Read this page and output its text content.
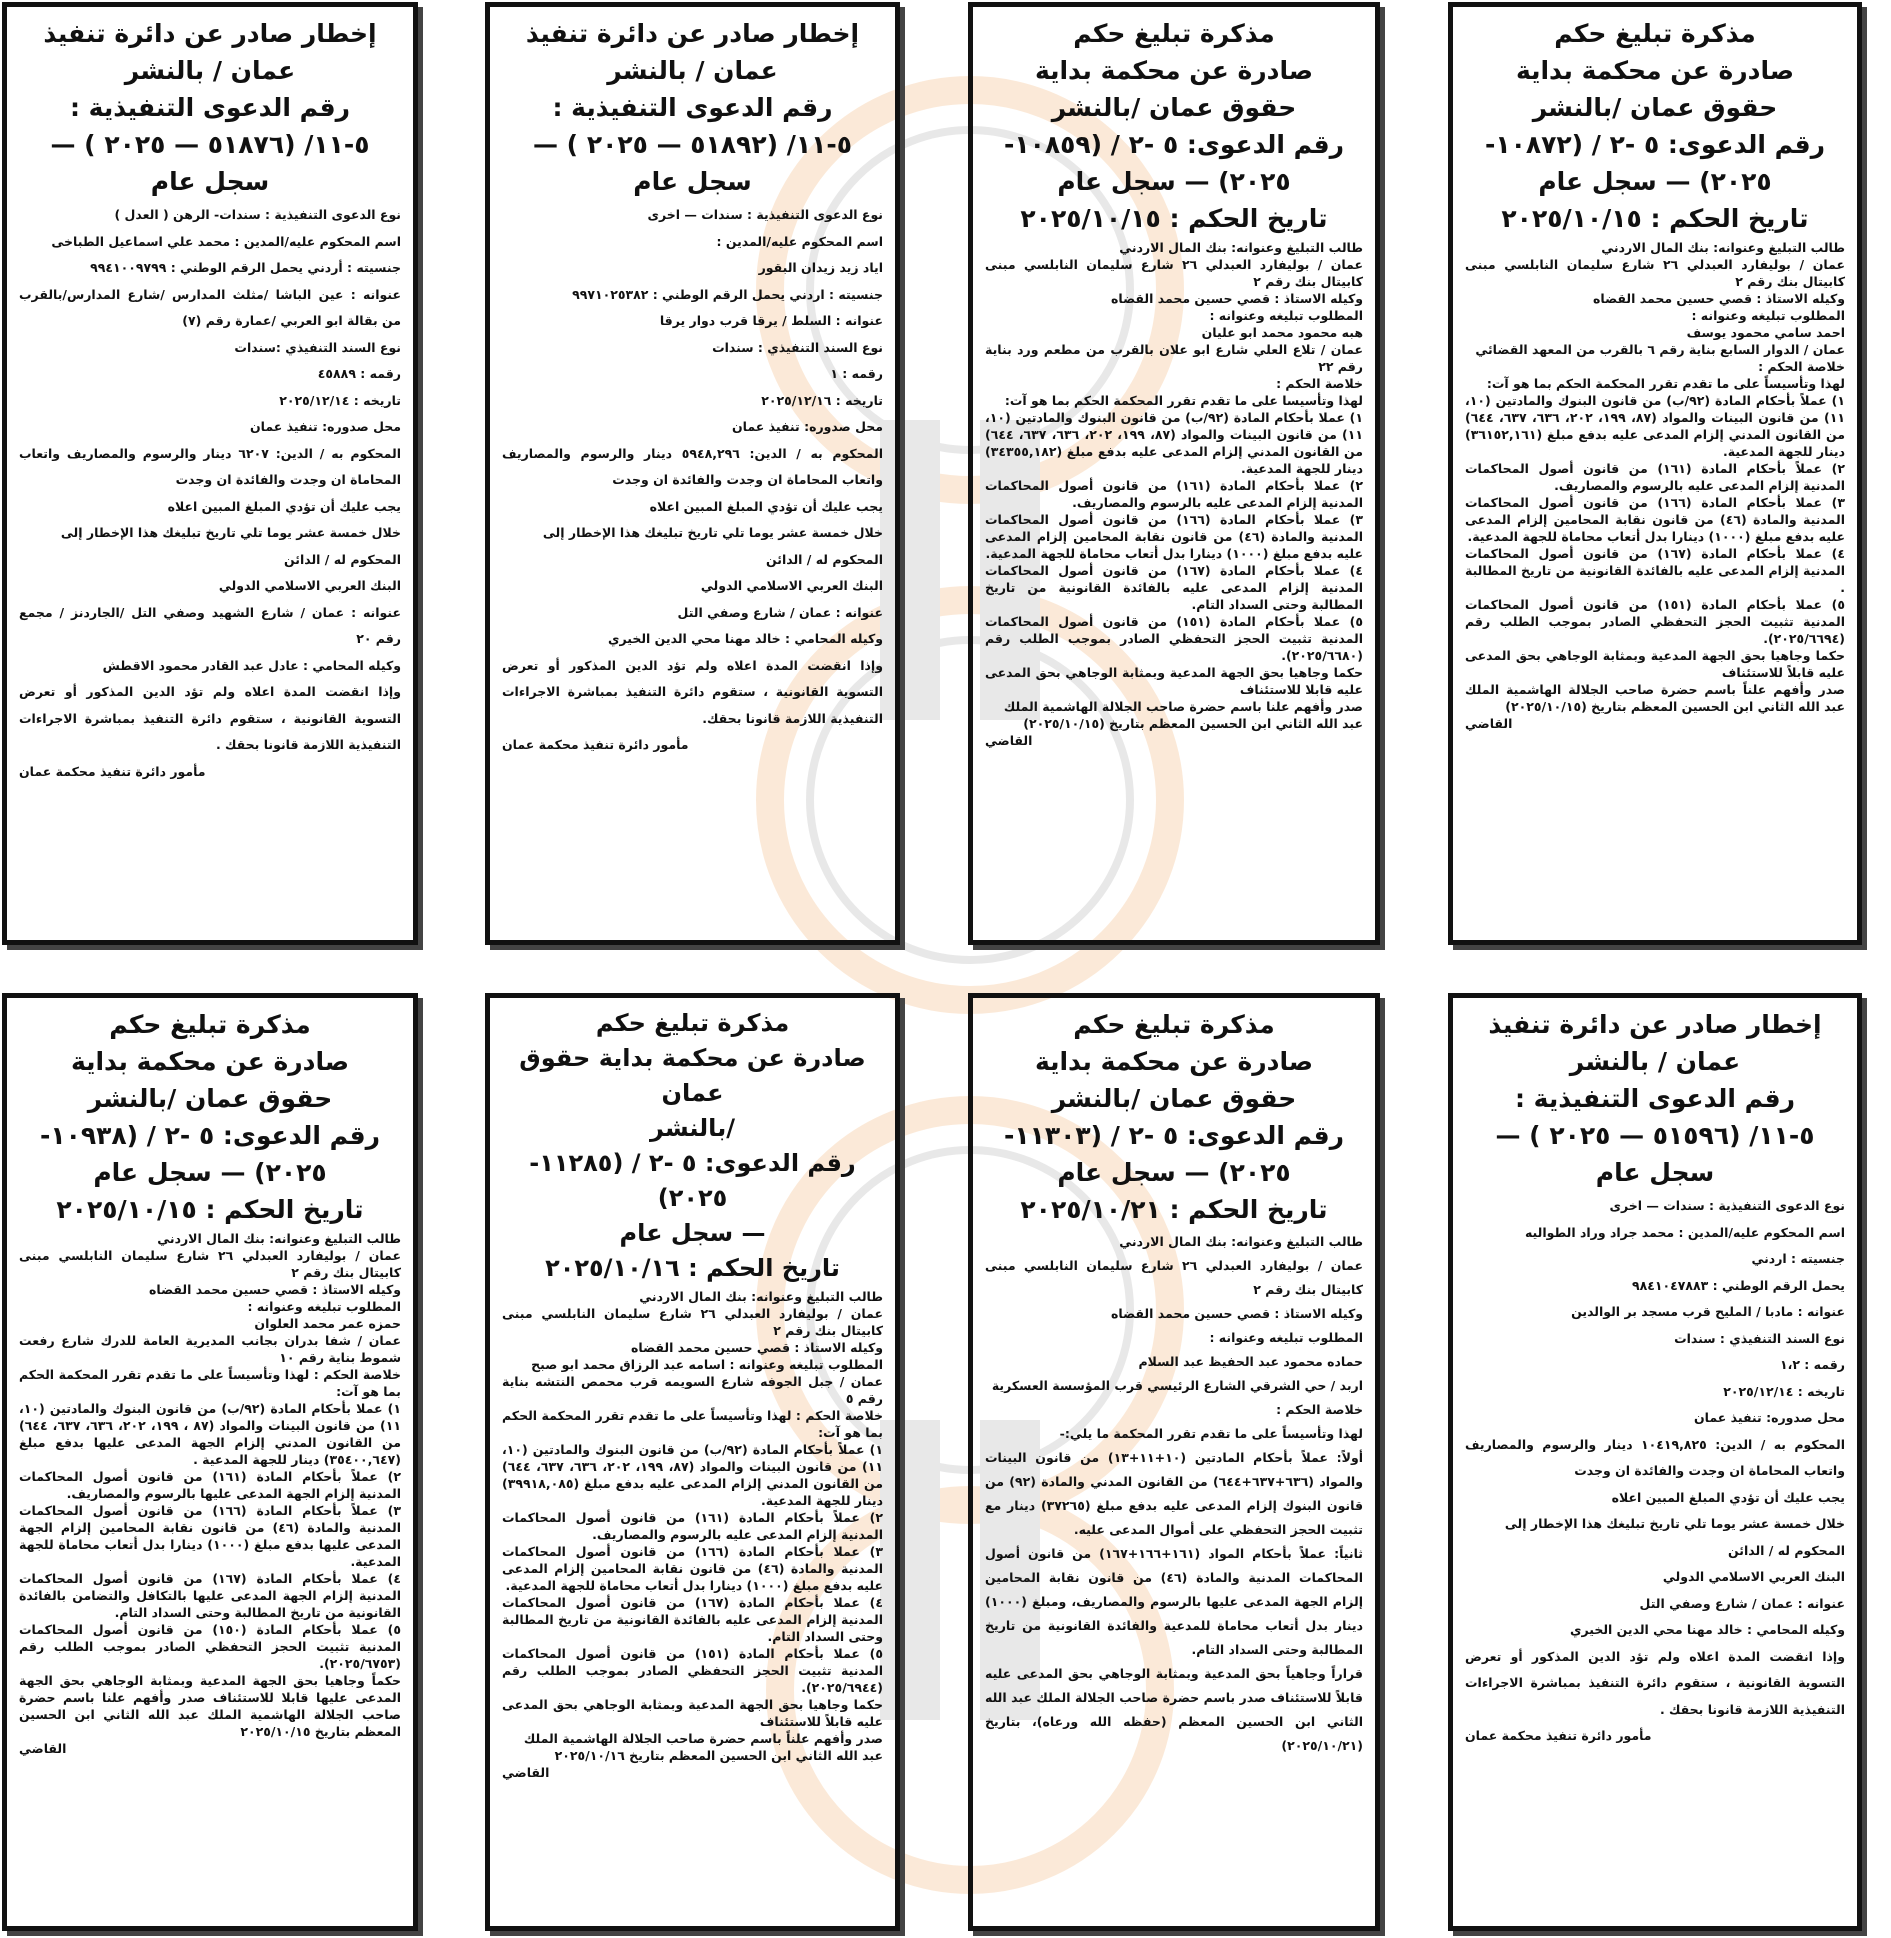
مذكرة تبليغ حكم
صادرة عن محكمة بداية
حقوق عمان /بالنشر
رقم الدعوى: ٥ -٢ / (١٠٨٧٢-
٢٠٢٥) — سجل عام
تاريخ الحكم : ٢٠٢٥/١٠/١٥

طالب التبليغ وعنوانه: بنك المال الاردني

عمان / بوليفارد العبدلي ٢٦ شارع سليمان النابلسي مبنى كابيتال بنك رقم ٢

وكيله الاستاذ : قصي حسين محمد القضاه

المطلوب تبليغه وعنوانه :

احمد سامي محمود يوسف

عمان / الدوار السابع بناية رقم ٦ بالقرب من المعهد القضائي

خلاصة الحكم :

لهذا وتأسيساً على ما تقدم تقرر المحكمة الحكم بما هو آت:

١) عملاً بأحكام المادة (٩٢/ب) من قانون البنوك والمادتين (١٠، ١١) من قانون البينات والمواد (٨٧، ١٩٩، ٢٠٢، ٦٣٦، ٦٣٧، ٦٤٤) من القانون المدني إلزام المدعى عليه بدفع مبلغ (٣٦١٥٢,١٦١) دينار للجهة المدعية.

٢) عملاً بأحكام المادة (١٦١) من قانون أصول المحاكمات المدنية إلزام المدعى عليه بالرسوم والمصاريف.

٣) عملا بأحكام المادة (١٦٦) من قانون أصول المحاكمات المدنية والمادة (٤٦) من قانون نقابة المحامين إلزام المدعى عليه بدفع مبلغ (١٠٠٠) دينارا بدل أتعاب محاماة للجهة المدعية.

٤) عملا بأحكام المادة (١٦٧) من قانون أصول المحاكمات المدنية إلزام المدعى عليه بالفائدة القانونية من تاريخ المطالبة .

٥) عملا بأحكام المادة (١٥١) من قانون أصول المحاكمات المدنية تثبيت الحجز التحفظي الصادر بموجب الطلب رقم (٢٠٢٥/٦٦٩٤).

حكما وجاهيا بحق الجهة المدعية وبمثابة الوجاهي بحق المدعى عليه قابلاً للاستئناف

صدر وأفهم علناً باسم حضرة صاحب الجلالة الهاشمية الملك عبد الله الثاني ابن الحسين المعظم بتاريخ (٢٠٢٥/١٠/١٥)

القاضي

مذكرة تبليغ حكم
صادرة عن محكمة بداية
حقوق عمان /بالنشر
رقم الدعوى: ٥ -٢ / (١٠٨٥٩-
٢٠٢٥) — سجل عام
تاريخ الحكم : ٢٠٢٥/١٠/١٥

طالب التبليغ وعنوانه: بنك المال الاردني

عمان / بوليفارد العبدلي ٢٦ شارع سليمان النابلسي مبنى كابيتال بنك رقم ٢

وكيله الاستاذ : قصي حسين محمد القضاه

المطلوب تبليغه وعنوانه :

هبه محمود محمد ابو عليان

عمان / تلاع العلي شارع ابو علان بالقرب من مطعم ورد بناية رقم ٢٢

خلاصة الحكم :

لهذا وتأسيسا على ما تقدم تقرر المحكمة الحكم بما هو آت:

١) عملا بأحكام المادة (٩٢/ب) من قانون البنوك والمادتين (١٠، ١١) من قانون البينات والمواد (٨٧، ١٩٩، ٢٠٢، ٦٣٦، ٦٣٧، ٦٤٤) من القانون المدني إلزام المدعى عليه بدفع مبلغ (٣٤٣٥٥,١٨٢) دينار للجهة المدعية.

٢) عملا بأحكام المادة (١٦١) من قانون أصول المحاكمات المدنية إلزام المدعى عليه بالرسوم والمصاريف.

٣) عملا بأحكام المادة (١٦٦) من قانون أصول المحاكمات المدنية والمادة (٤٦) من قانون نقابة المحامين إلزام المدعى عليه بدفع مبلغ (١٠٠٠) دينارا بدل أتعاب محاماة للجهة المدعية.

٤) عملا بأحكام المادة (١٦٧) من قانون أصول المحاكمات المدنية إلزام المدعى عليه بالفائدة القانونية من تاريخ المطالبة وحتى السداد التام.

٥) عملا بأحكام المادة (١٥١) من قانون أصول المحاكمات المدنية تثبيت الحجز التحفظي الصادر بموجب الطلب رقم (٢٠٢٥/٦٦٨٠).

حكما وجاهيا بحق الجهة المدعية وبمثابة الوجاهي بحق المدعى عليه قابلا للاستئناف

صدر وأفهم علنا باسم حضرة صاحب الجلالة الهاشمية الملك

عبد الله الثاني ابن الحسين المعظم بتاريخ (٢٠٢٥/١٠/١٥)

القاضي

إخطار صادر عن دائرة تنفيذ
عمان / بالنشر
رقم الدعوى التنفيذية :
٥-١١/ (٥١٨٩٢ — ٢٠٢٥ ) —
سجل عام

نوع الدعوى التنفيذية : سندات — اخرى

اسم المحكوم عليه/المدين :

اياد زيد زيدان البقور

جنسيته : اردني يحمل الرقم الوطني : ٩٩٧١٠٢٥٣٨٢

عنوانه : السلط / يرقا قرب دوار يرقا

نوع السند التنفيذي : سندات

رقمه : ١

تاريخه : ٢٠٢٥/١٢/١٦

محل صدوره: تنفيذ عمان

المحكوم به / الدين: ٥٩٤٨,٢٩٦ دينار والرسوم والمصاريف واتعاب المحاماة ان وجدت والفائدة ان وجدت

يجب عليك أن تؤدي المبلغ المبين اعلاه

خلال خمسة عشر يوما تلي تاريخ تبليغك هذا الإخطار إلى

المحكوم له / الدائن

البنك العربي الاسلامي الدولي

عنوانه : عمان / شارع وصفي التل

وكيله المحامي : خالد مهنا محي الدين الخيري

وإذا انقضت المدة اعلاه ولم تؤد الدين المذكور أو تعرض التسوية القانونية ، ستقوم دائرة التنفيذ بمباشرة الاجراءات التنفيذية اللازمة قانونا بحقك.

مأمور دائرة تنفيذ محكمة عمان

إخطار صادر عن دائرة تنفيذ
عمان / بالنشر
رقم الدعوى التنفيذية :
٥-١١/ (٥١٨٧٦ — ٢٠٢٥ ) —
سجل عام

نوع الدعوى التنفيذية : سندات- الرهن ( العدل )

اسم المحكوم عليه/المدين : محمد علي اسماعيل الطباخى

جنسيته : أردني يحمل الرقم الوطني : ٩٩٤١٠٠٩٧٩٩

عنوانه : عين الباشا /مثلث المدارس /شارع المدارس/بالقرب من بقالة ابو العربي /عمارة رقم (٧)

نوع السند التنفيذي :سندات

رقمه : ٤٥٨٨٩

تاريخه : ٢٠٢٥/١٢/١٤

محل صدوره: تنفيذ عمان

المحكوم به / الدين: ٦٢٠٧ دينار والرسوم والمصاريف واتعاب المحاماة ان وجدت والفائدة ان وجدت

يجب عليك أن تؤدي المبلغ المبين اعلاه

خلال خمسة عشر يوما تلي تاريخ تبليغك هذا الإخطار إلى

المحكوم له / الدائن

البنك العربي الاسلامي الدولي

عنوانه : عمان / شارع الشهيد وصفي التل /الجاردنز / مجمع رقم ٢٠

وكيله المحامي : عادل عبد القادر محمود الاقطش

وإذا انقضت المدة اعلاه ولم تؤد الدين المذكور أو تعرض التسوية القانونية ، ستقوم دائرة التنفيذ بمباشرة الاجراءات التنفيذية اللازمة قانونا بحقك .

مأمور دائرة تنفيذ محكمة عمان

إخطار صادر عن دائرة تنفيذ
عمان / بالنشر
رقم الدعوى التنفيذية :
٥-١١/ (٥١٥٩٦ — ٢٠٢٥ ) —
سجل عام

نوع الدعوى التنفيذية : سندات — اخرى

اسم المحكوم عليه/المدين : محمد جراد وراد الطواليه

جنسيته : اردني

يحمل الرقم الوطني : ٩٨٤١٠٤٧٨٨٣

عنوانه : مادبا / المليح قرب مسجد بر الوالدين

نوع السند التنفيذي : سندات

رقمه : ١،٢

تاريخه : ٢٠٢٥/١٢/١٤

محل صدوره: تنفيذ عمان

المحكوم به / الدين: ١٠٤١٩,٨٢٥ دينار والرسوم والمصاريف واتعاب المحاماة ان وجدت والفائدة ان وجدت

يجب عليك أن تؤدي المبلغ المبين اعلاه

خلال خمسة عشر يوما تلي تاريخ تبليغك هذا الإخطار إلى

المحكوم له / الدائن

البنك العربي الاسلامي الدولي

عنوانه : عمان / شارع وصفي التل

وكيله المحامي : خالد مهنا محي الدين الخيري

وإذا انقضت المدة اعلاه ولم تؤد الدين المذكور أو تعرض التسوية القانونية ، ستقوم دائرة التنفيذ بمباشرة الاجراءات التنفيذية اللازمة قانونا بحقك .

مأمور دائرة تنفيذ محكمة عمان

مذكرة تبليغ حكم
صادرة عن محكمة بداية
حقوق عمان /بالنشر
رقم الدعوى: ٥ -٢ / (١١٣٠٣-
٢٠٢٥) — سجل عام
تاريخ الحكم : ٢٠٢٥/١٠/٢١

طالب التبليغ وعنوانه: بنك المال الاردني

عمان / بوليفارد العبدلي ٢٦ شارع سليمان النابلسي مبنى كابيتال بنك رقم ٢

وكيله الاستاذ : قصي حسين محمد القضاه

المطلوب تبليغه وعنوانه :

حماده محمود عبد الحفيظ عبد السلام

اربد / حي الشرقي الشارع الرئيسي قرب المؤسسة العسكرية

خلاصة الحكم :

لهذا وتأسيساً على ما تقدم تقرر المحكمة ما يلي:-

أولاً: عملاً بأحكام المادتين (١٠+١١+١٣) من قانون البينات والمواد (٦٣٦+٦٣٧+٦٤٤) من القانون المدني والمادة (٩٢) من قانون البنوك إلزام المدعى عليه بدفع مبلغ (٣٧٢٦٥) دينار مع تثبيت الحجز التحفظي على أموال المدعى عليه.

ثانياً: عملاً بأحكام المواد (١٦١+١٦٦+١٦٧) من قانون أصول المحاكمات المدنية والمادة (٤٦) من قانون نقابة المحامين إلزام الجهة المدعى عليها بالرسوم والمصاريف، ومبلغ (١٠٠٠) دينار بدل أتعاب محاماة للمدعية والفائدة القانونية من تاريخ المطالبة وحتى السداد التام.

قراراً وجاهياً بحق المدعية وبمثابة الوجاهي بحق المدعى عليه قابلاً للاستئناف صدر باسم حضرة صاحب الجلالة الملك عبد الله الثاني ابن الحسين المعظم (حفظه الله ورعاه)، بتاريخ (٢٠٢٥/١٠/٢١)

مذكرة تبليغ حكم
صادرة عن محكمة بداية حقوق عمان
/بالنشر
رقم الدعوى: ٥ -٢ / (١١٢٨٥- ٢٠٢٥)
— سجل عام
تاريخ الحكم : ٢٠٢٥/١٠/١٦

طالب التبليغ وعنوانه: بنك المال الاردني

عمان / بوليفارد العبدلي ٢٦ شارع سليمان النابلسي مبنى كابيتال بنك رقم ٢

وكيله الاستاذ : قصي حسين محمد القضاه

المطلوب تبليغه وعنوانه : اسامه عبد الرزاق محمد ابو صبح

عمان / جبل الجوفه شارع السويمه قرب محمص النتشه بناية رقم ٥

خلاصة الحكم : لهذا وتأسيساً على ما تقدم تقرر المحكمة الحكم بما هو آت:

١) عملاً بأحكام المادة (٩٢/ب) من قانون البنوك والمادتين (١٠، ١١) من قانون البينات والمواد (٨٧، ١٩٩، ٢٠٢، ٦٣٦، ٦٣٧، ٦٤٤) من القانون المدني إلزام المدعى عليه بدفع مبلغ (٣٩٩١٨,٠٨٥) دينار للجهة المدعية.

٢) عملاً بأحكام المادة (١٦١) من قانون أصول المحاكمات المدنية إلزام المدعى عليه بالرسوم والمصاريف.

٣) عملا بأحكام المادة (١٦٦) من قانون أصول المحاكمات المدنية والمادة (٤٦) من قانون نقابة المحامين إلزام المدعى عليه بدفع مبلغ (١٠٠٠) دينارا بدل أتعاب محاماة للجهة المدعية.

٤) عملا بأحكام المادة (١٦٧) من قانون أصول المحاكمات المدنية إلزام المدعى عليه بالفائدة القانونية من تاريخ المطالبة وحتى السداد التام.

٥) عملا بأحكام المادة (١٥١) من قانون أصول المحاكمات المدنية تثبيت الحجز التحفظي الصادر بموجب الطلب رقم (٢٠٢٥/٦٩٤٤).

حكما وجاهيا بحق الجهة المدعية وبمثابة الوجاهي بحق المدعى عليه قابلاً للاستئناف

صدر وأفهم علناً باسم حضرة صاحب الجلالة الهاشمية الملك

عبد الله الثاني ابن الحسين المعظم بتاريخ ٢٠٢٥/١٠/١٦

القاضي

مذكرة تبليغ حكم
صادرة عن محكمة بداية
حقوق عمان /بالنشر
رقم الدعوى: ٥ -٢ / (١٠٩٣٨-
٢٠٢٥) — سجل عام
تاريخ الحكم : ٢٠٢٥/١٠/١٥

طالب التبليغ وعنوانه: بنك المال الاردني

عمان / بوليفارد العبدلي ٢٦ شارع سليمان النابلسي مبنى كابيتال بنك رقم ٢

وكيله الاستاذ : قصي حسين محمد القضاه

المطلوب تبليغه وعنوانه :

حمزه عمر محمد العلوان

عمان / شفا بدران بجانب المديرية العامة للدرك شارع رفعت شموط بناية رقم ١٠

خلاصة الحكم : لهذا وتأسيساً على ما تقدم تقرر المحكمة الحكم بما هو آت:

١) عملا بأحكام المادة (٩٢/ب) من قانون البنوك والمادتين (١٠، ١١) من قانون البينات والمواد (٨٧ ، ١٩٩، ٢٠٢، ٦٣٦، ٦٣٧، ٦٤٤) من القانون المدني إلزام الجهة المدعى عليها بدفع مبلغ (٣٥٤٠٠,٦٤٧) دينار للجهة المدعية .

٢) عملاً بأحكام المادة (١٦١) من قانون أصول المحاكمات المدنية إلزام الجهة المدعى عليها بالرسوم والمصاريف.

٣) عملاً بأحكام المادة (١٦٦) من قانون أصول المحاكمات المدنية والمادة (٤٦) من قانون نقابة المحامين إلزام الجهة المدعى عليها بدفع مبلغ (١٠٠٠) دينارا بدل أتعاب محاماة للجهة المدعية.

٤) عملا بأحكام المادة (١٦٧) من قانون أصول المحاكمات المدنية إلزام الجهة المدعى عليها بالتكافل والتضامن بالفائدة القانونية من تاريخ المطالبة وحتى السداد التام.

٥) عملا بأحكام المادة (١٥٠) من قانون أصول المحاكمات المدنية تثبيت الحجز التحفظي الصادر بموجب الطلب رقم (٢٠٢٥/٦٧٥٣).

حكماً وجاهيا بحق الجهة المدعية وبمثابة الوجاهي بحق الجهة المدعى عليها قابلا للاستئناف صدر وأفهم علنا باسم حضرة صاحب الجلالة الهاشمية الملك عبد الله الثاني ابن الحسين المعظم بتاريخ ٢٠٢٥/١٠/١٥

القاضي
